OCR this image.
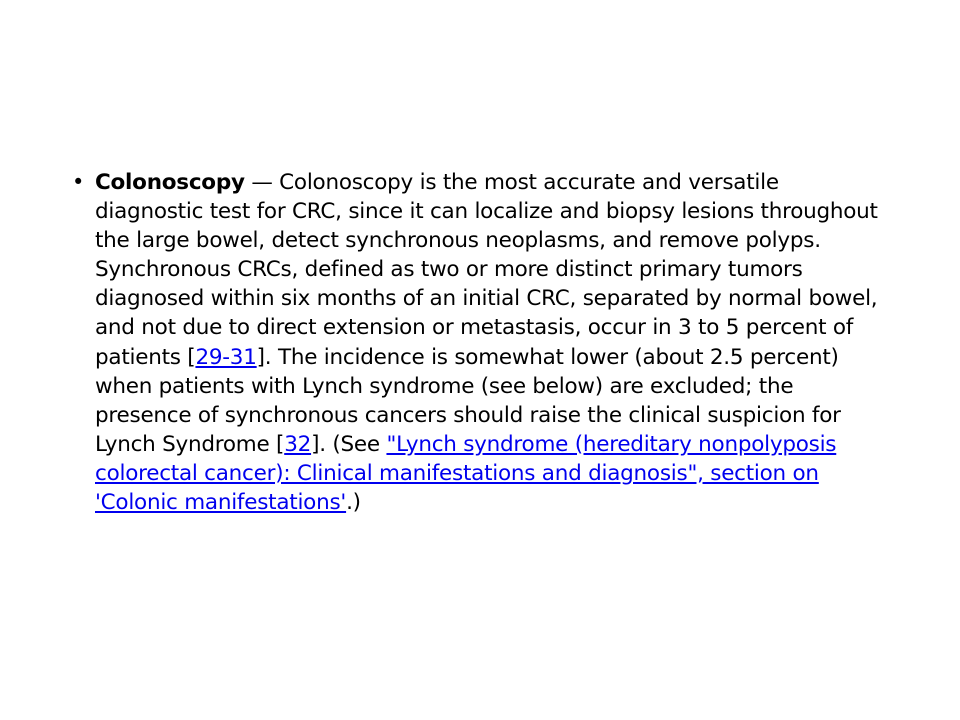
• Colonoscopy — Colonoscopy is the most accurate and versatile diagnostic test for CRC, since it can localize and biopsy lesions throughout the large bowel, detect synchronous neoplasms, and remove polyps. Synchronous CRCs, defined as two or more distinct primary tumors diagnosed within six months of an initial CRC, separated by normal bowel, and not due to direct extension or metastasis, occur in 3 to 5 percent of patients [29-31]. The incidence is somewhat lower (about 2.5 percent) when patients with Lynch syndrome (see below) are excluded; the presence of synchronous cancers should raise the clinical suspicion for Lynch Syndrome [32]. (See "Lynch syndrome (hereditary nonpolyposis colorectal cancer): Clinical manifestations and diagnosis", section on 'Colonic manifestations'.)
